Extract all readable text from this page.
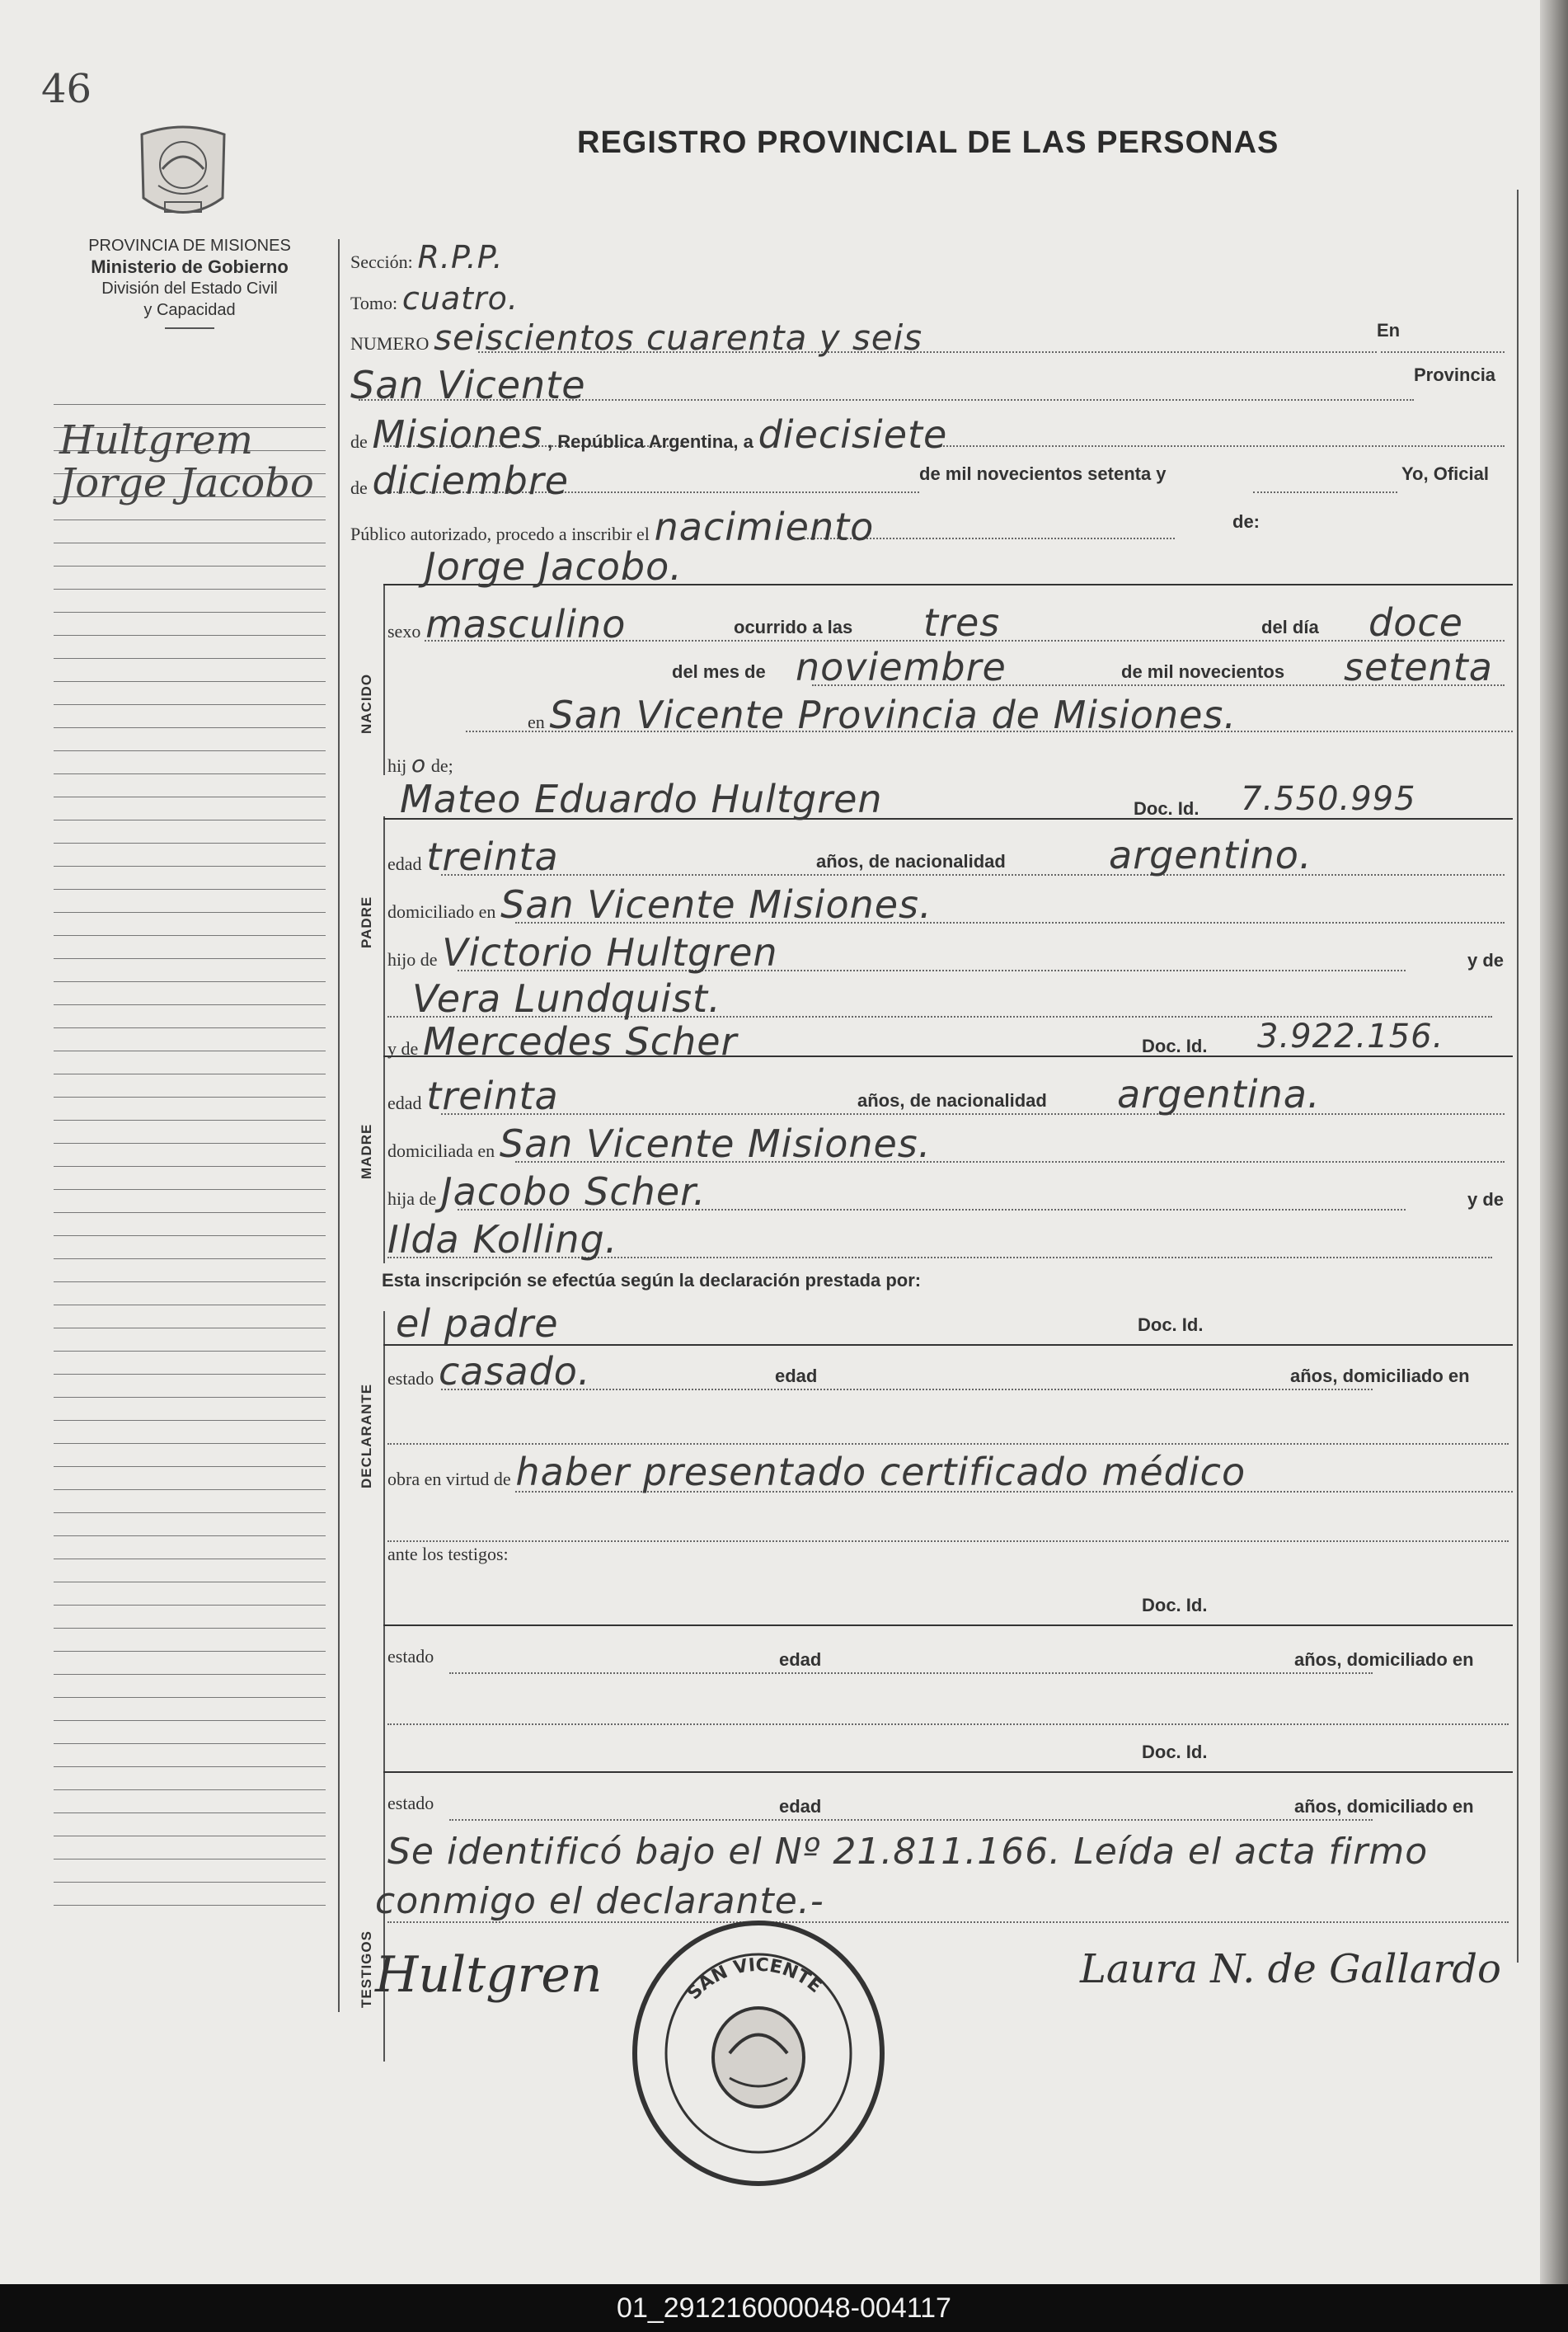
46
REGISTRO PROVINCIAL DE LAS PERSONAS
PROVINCIA DE MISIONES
Ministerio de Gobierno
División del Estado Civil
y Capacidad
Hultgrem
Jorge Jacobo
Sección: R.P.P.
Tomo: cuatro.
NUMERO seiscientos cuarenta y seis	En
San Vicente	Provincia
de Misiones , República Argentina, a diecisiete
de diciembre	de mil novecientos setenta y	Yo, Oficial
Público autorizado, procedo a inscribir el nacimiento	de:
NACIDO
Jorge Jacobo.
sexo masculino	ocurrido a las tres	del día doce
del mes de noviembre	de mil novecientos setenta
en San Vicente Provincia de Misiones.
hij o de;
PADRE
Mateo Eduardo Hultgren	Doc. Id. 7.550.995
edad treinta	años, de nacionalidad	argentino.
domiciliado en San Vicente Misiones.
hijo de Victorio Hultgren	y de
Vera Lundquist.
MADRE
y de Mercedes Scher	Doc. Id. 3.922.156.
edad treinta	años, de nacionalidad argentina.
domiciliada en San Vicente Misiones.
hija de Jacobo Scher.	y de
Ilda Kolling.
Esta inscripción se efectúa según la declaración prestada por:
DECLARANTE
el padre	Doc. Id.
estado casado.	edad	años, domiciliado en
obra en virtud de haber presentado certificado médico
ante los testigos:
TESTIGOS
Doc. Id.
estado	edad	años, domiciliado en
Doc. Id.
estado	edad	años, domiciliado en
Se identificó bajo el Nº 21.811.166. Leída el acta firmo
conmigo el declarante.-
Hultgren	SAN VICENTE	Laura N. de Gallardo
01_291216000048-004117
